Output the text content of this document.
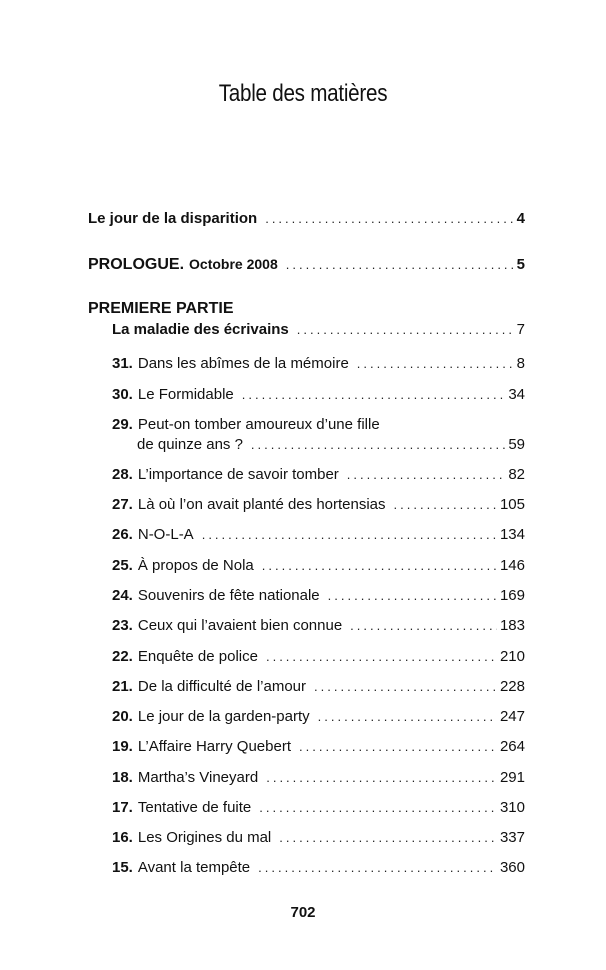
Table des matières
Le jour de la disparition .....	4
PROLOGUE. Octobre 2008 .....	5
PREMIERE PARTIE
La maladie des écrivains .....	7
31. Dans les abîmes de la mémoire .....	8
30. Le Formidable .....	34
29. Peut-on tomber amoureux d’une fille
de quinze ans ? .....	59
28. L’importance de savoir tomber .....	82
27. Là où l’on avait planté des hortensias .....	105
26. N-O-L-A .....	134
25. À propos de Nola .....	146
24. Souvenirs de fête nationale .....	169
23. Ceux qui l’avaient bien connue .....	183
22. Enquête de police .....	210
21. De la difficulté de l’amour .....	228
20. Le jour de la garden-party .....	247
19. L’Affaire Harry Quebert .....	264
18. Martha’s Vineyard .....	291
17. Tentative de fuite .....	310
16. Les Origines du mal .....	337
15. Avant la tempête .....	360
702
